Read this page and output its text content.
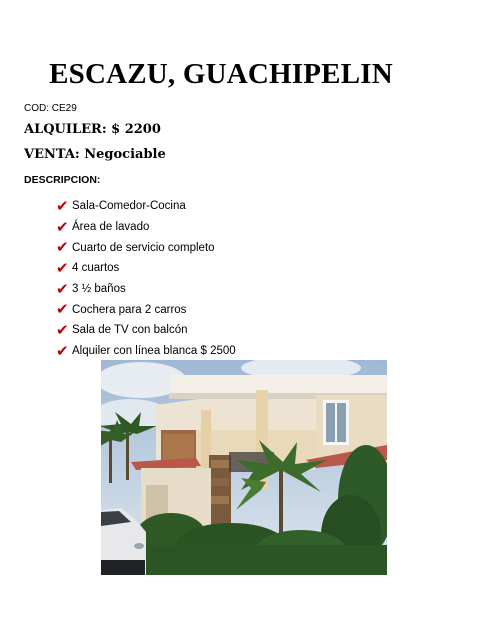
ESCAZU, GUACHIPELIN
COD: CE29
ALQUILER: $ 2200
VENTA: Negociable
DESCRIPCION:
✔ Sala-Comedor-Cocina
✔ Área de lavado
✔ Cuarto de servicio completo
✔ 4 cuartos
✔ 3 ½ baños
✔ Cochera para 2 carros
✔ Sala de TV con balcón
✔ Alquiler con línea blanca $ 2500
